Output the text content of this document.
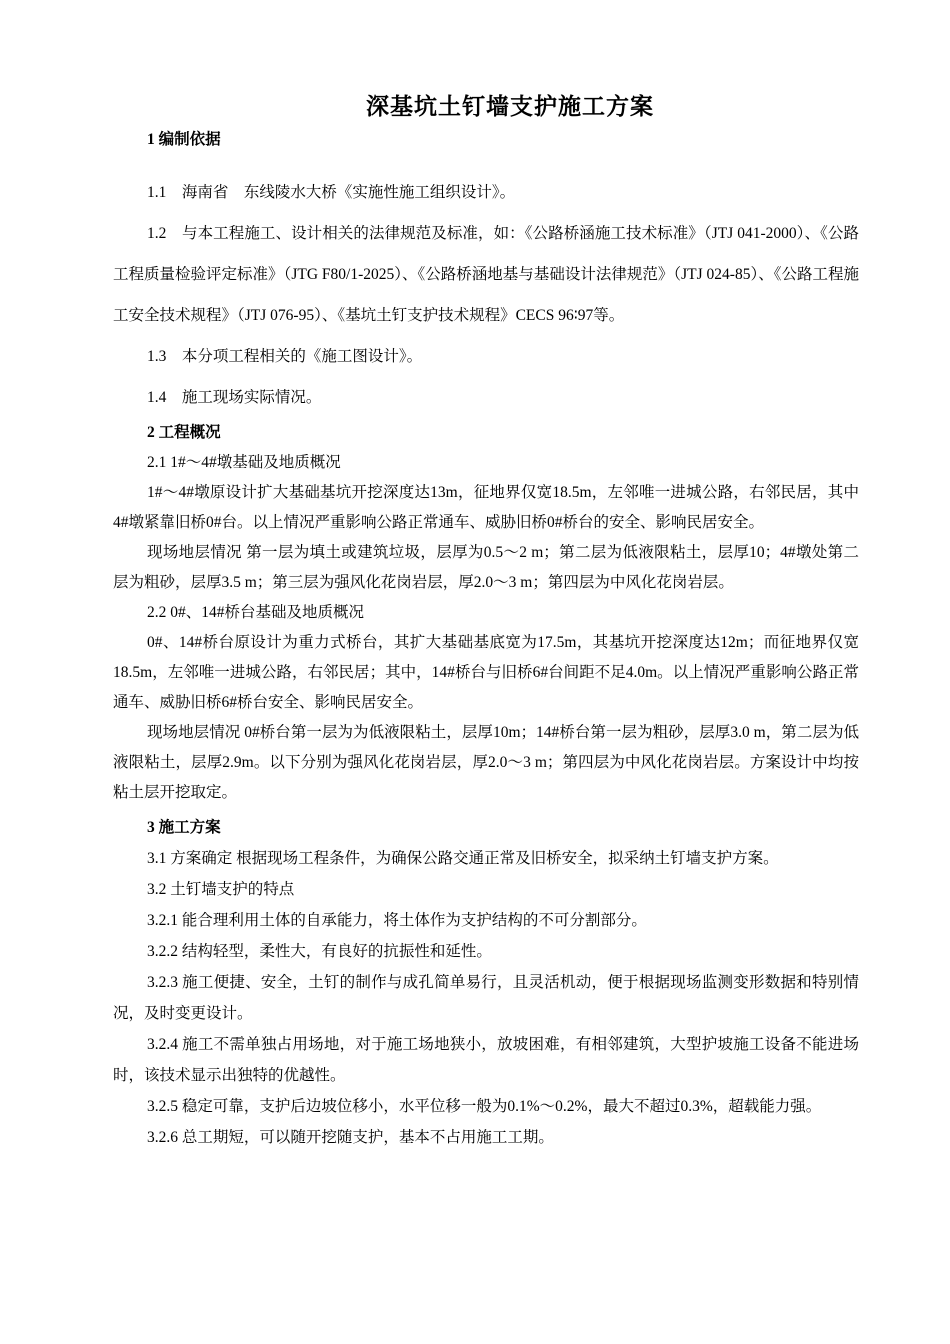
深基坑土钉墙支护施工方案
1 编制依据

1.1　海南省　东线陵水大桥《实施性施工组织设计》。

1.2　与本工程施工、设计相关的法律规范及标准，如：《公路桥涵施工技术标准》（JTJ 041-2000）、《公路工程质量检验评定标准》（JTG F80/1-2025）、《公路桥涵地基与基础设计法律规范》（JTJ 024-85）、《公路工程施工安全技术规程》（JTJ 076-95）、《基坑土钉支护技术规程》CECS 96∶97等。

1.3　本分项工程相关的《施工图设计》。

1.4　施工现场实际情况。

2 工程概况

2.1 1#～4#墩基础及地质概况

1#～4#墩原设计扩大基础基坑开挖深度达13m，征地界仅宽18.5m，左邻唯一进城公路，右邻民居，其中4#墩紧靠旧桥0#台。以上情况严重影响公路正常通车、威胁旧桥0#桥台的安全、影响民居安全。

现场地层情况 第一层为填土或建筑垃圾，层厚为0.5～2 m；第二层为低液限粘土，层厚10；4#墩处第二层为粗砂，层厚3.5 m；第三层为强风化花岗岩层，厚2.0～3 m；第四层为中风化花岗岩层。

2.2 0#、14#桥台基础及地质概况

0#、14#桥台原设计为重力式桥台，其扩大基础基底宽为17.5m，其基坑开挖深度达12m；而征地界仅宽18.5m，左邻唯一进城公路，右邻民居；其中，14#桥台与旧桥6#台间距不足4.0m。以上情况严重影响公路正常通车、威胁旧桥6#桥台安全、影响民居安全。

现场地层情况 0#桥台第一层为为低液限粘土，层厚10m；14#桥台第一层为粗砂，层厚3.0 m，第二层为低液限粘土，层厚2.9m。以下分别为强风化花岗岩层，厚2.0～3 m；第四层为中风化花岗岩层。方案设计中均按粘土层开挖取定。

3 施工方案

3.1 方案确定 根据现场工程条件，为确保公路交通正常及旧桥安全，拟采纳土钉墙支护方案。

3.2 土钉墙支护的特点

3.2.1 能合理利用土体的自承能力，将土体作为支护结构的不可分割部分。

3.2.2 结构轻型，柔性大，有良好的抗振性和延性。

3.2.3 施工便捷、安全，土钉的制作与成孔简单易行，且灵活机动，便于根据现场监测变形数据和特别情况，及时变更设计。

3.2.4 施工不需单独占用场地，对于施工场地狭小，放坡困难，有相邻建筑，大型护坡施工设备不能进场时，该技术显示出独特的优越性。

3.2.5 稳定可靠，支护后边坡位移小，水平位移一般为0.1%～0.2%，最大不超过0.3%，超载能力强。

3.2.6 总工期短，可以随开挖随支护，基本不占用施工工期。
